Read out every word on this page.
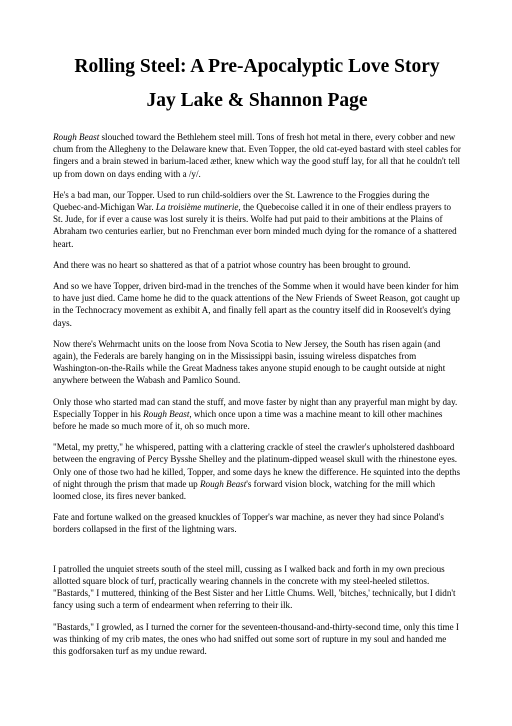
Rolling Steel: A Pre-Apocalyptic Love Story
Jay Lake & Shannon Page

Rough Beast slouched toward the Bethlehem steel mill. Tons of fresh hot metal in there, every cobber and new chum from the Allegheny to the Delaware knew that. Even Topper, the old cat-eyed bastard with steel cables for fingers and a brain stewed in barium-laced æther, knew which way the good stuff lay, for all that he couldn't tell up from down on days ending with a /y/.

He's a bad man, our Topper. Used to run child-soldiers over the St. Lawrence to the Froggies during the Quebec-and-Michigan War. La troisième mutinerie, the Quebecoise called it in one of their endless prayers to St. Jude, for if ever a cause was lost surely it is theirs. Wolfe had put paid to their ambitions at the Plains of Abraham two centuries earlier, but no Frenchman ever born minded much dying for the romance of a shattered heart.

And there was no heart so shattered as that of a patriot whose country has been brought to ground.

And so we have Topper, driven bird-mad in the trenches of the Somme when it would have been kinder for him to have just died. Came home he did to the quack attentions of the New Friends of Sweet Reason, got caught up in the Technocracy movement as exhibit A, and finally fell apart as the country itself did in Roosevelt's dying days.

Now there's Wehrmacht units on the loose from Nova Scotia to New Jersey, the South has risen again (and again), the Federals are barely hanging on in the Mississippi basin, issuing wireless dispatches from Washington-on-the-Rails while the Great Madness takes anyone stupid enough to be caught outside at night anywhere between the Wabash and Pamlico Sound.

Only those who started mad can stand the stuff, and move faster by night than any prayerful man might by day. Especially Topper in his Rough Beast, which once upon a time was a machine meant to kill other machines before he made so much more of it, oh so much more.

"Metal, my pretty," he whispered, patting with a clattering crackle of steel the crawler's upholstered dashboard between the engraving of Percy Bysshe Shelley and the platinum-dipped weasel skull with the rhinestone eyes. Only one of those two had he killed, Topper, and some days he knew the difference. He squinted into the depths of night through the prism that made up Rough Beast's forward vision block, watching for the mill which loomed close, its fires never banked.

Fate and fortune walked on the greased knuckles of Topper's war machine, as never they had since Poland's borders collapsed in the first of the lightning wars.

I patrolled the unquiet streets south of the steel mill, cussing as I walked back and forth in my own precious allotted square block of turf, practically wearing channels in the concrete with my steel-heeled stilettos. "Bastards," I muttered, thinking of the Best Sister and her Little Chums. Well, 'bitches,' technically, but I didn't fancy using such a term of endearment when referring to their ilk.

"Bastards," I growled, as I turned the corner for the seventeen-thousand-and-thirty-second time, only this time I was thinking of my crib mates, the ones who had sniffed out some sort of rupture in my soul and handed me this godforsaken turf as my undue reward.
